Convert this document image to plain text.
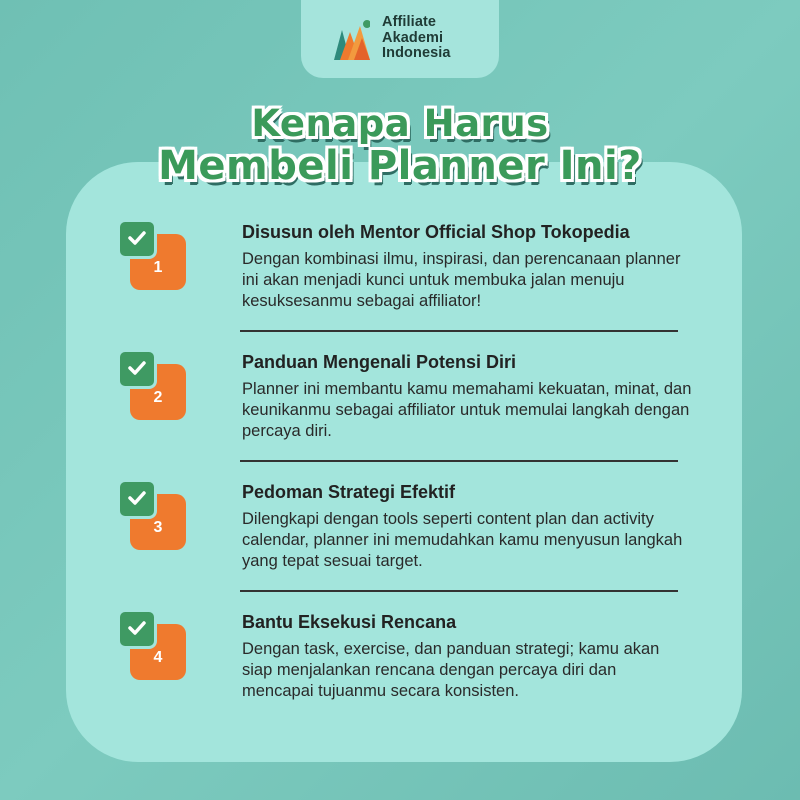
Affiliate
Akademi
Indonesia
Kenapa Harus
Membeli Planner Ini?
1
Disusun oleh Mentor Official Shop Tokopedia
Dengan kombinasi ilmu, inspirasi, dan perencanaan planner ini akan menjadi kunci untuk membuka jalan menuju kesuksesanmu sebagai affiliator!
2
Panduan Mengenali Potensi Diri
Planner ini membantu kamu memahami kekuatan, minat, dan keunikanmu sebagai affiliator untuk memulai langkah dengan percaya diri.
3
Pedoman Strategi Efektif
Dilengkapi dengan tools seperti content plan dan activity calendar, planner ini memudahkan kamu menyusun langkah yang tepat sesuai target.
4
Bantu Eksekusi Rencana
Dengan task, exercise, dan panduan strategi; kamu akan siap menjalankan rencana dengan percaya diri dan mencapai tujuanmu secara konsisten.
